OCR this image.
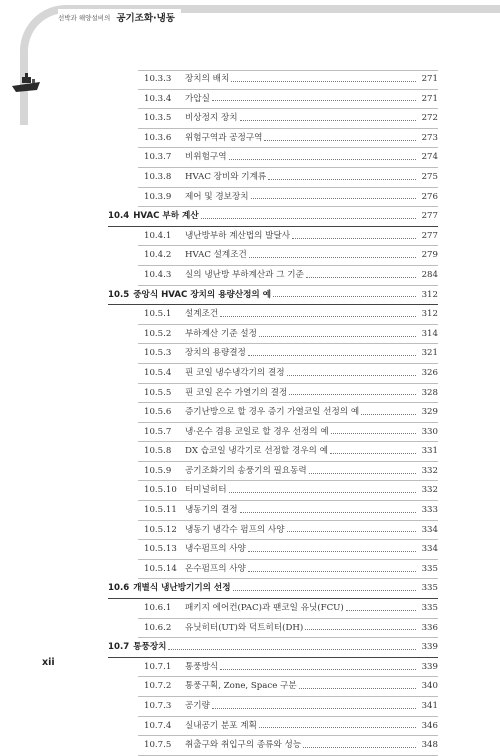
선박과 해양설비의 공기조화·냉동
10.3.3 장치의 배치	271
10.3.4 가압실	271
10.3.5 비상정지 장치	272
10.3.6 위험구역과 공정구역	273
10.3.7 비위험구역	274
10.3.8 HVAC 장비와 기계류	275
10.3.9 제어 및 경보장치	276
10.4 HVAC 부하 계산	277
10.4.1 냉난방부하 계산법의 발달사	277
10.4.2 HVAC 설계조건	279
10.4.3 실의 냉난방 부하계산과 그 기준	284
10.5 중앙식 HVAC 장치의 용량산정의 예	312
10.5.1 설계조건	312
10.5.2 부하계산 기준 설정	314
10.5.3 장치의 용량결정	321
10.5.4 핀 코일 냉수냉각기의 결정	326
10.5.5 핀 코일 온수 가열기의 결정	328
10.5.6 증기난방으로 할 경우 증기 가열코일 선정의 예	329
10.5.7 냉·온수 겸용 코일로 할 경우 선정의 예	330
10.5.8 DX 습코일 냉각기로 선정할 경우의 예	331
10.5.9 공기조화기의 송풍기의 필요동력	332
10.5.10 터미널히터	332
10.5.11 냉동기의 결정	333
10.5.12 냉동기 냉각수 펌프의 사양	334
10.5.13 냉수펌프의 사양	334
10.5.14 온수펌프의 사양	335
10.6 개별식 냉난방기기의 선정	335
10.6.1 패키지 에어컨(PAC)과 팬코일 유닛(FCU)	335
10.6.2 유닛히터(UT)와 덕트히터(DH)	336
10.7 통풍장치	339
10.7.1 통풍방식	339
10.7.2 통풍구획, Zone, Space 구분	340
10.7.3 공기량	341
10.7.4 실내공기 분포 계획	346
10.7.5 취출구와 취입구의 종류와 성능	348
xii
